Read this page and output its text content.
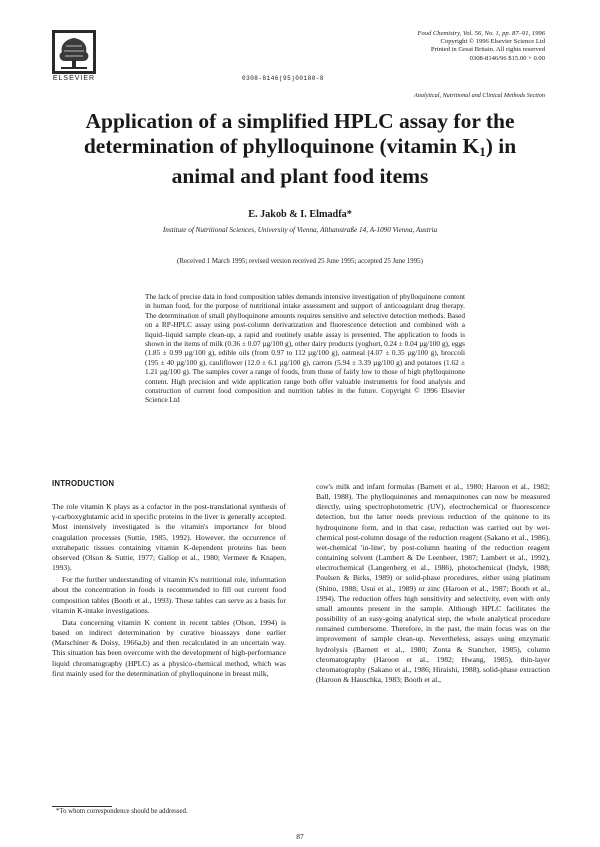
ELSEVIER	0308-8146(95)00180-8
Food Chemistry, Vol. 56, No. 1, pp. 87–91, 1996
Copyright © 1996 Elsevier Science Ltd
Printed in Great Britain. All rights reserved
0308-8146/96 $15.00 + 0.00
Analytical, Nutritional and Clinical Methods Section
Application of a simplified HPLC assay for the
determination of phylloquinone (vitamin $K_1$) in
animal and plant food items
E. Jakob & I. Elmadfa*
Institute of Nutritional Sciences, University of Vienna, Althanstraße 14, A-1090 Vienna, Austria
(Received 1 March 1995; revised version received 25 June 1995; accepted 25 June 1995)

The lack of precise data in food composition tables demands intensive investigation of phylloquinone content in human food, for the purpose of nutritional intake assessment and support of anticoagulant drug therapy. The determination of small phylloquinone amounts requires sensitive and selective detection methods. Based on a RP-HPLC assay using post-column derivatization and fluorescence detection and combined with a liquid–liquid sample clean-up, a rapid and routinely usable assay is presented. The application to foods is shown in the items of milk (0.36 ± 0.07 µg/100 g), other dairy products (yoghurt, 0.24 ± 0.04 µg/100 g), eggs (1.85 ± 0.99 µg/100 g), edible oils (from 0.97 to 112 µg/100 g), oatmeal (4.07 ± 0.35 µg/100 g), broccoli (195 ± 40 µg/100 g), cauliflower (12.0 ± 6.1 µg/100 g), carrots (5.94 ± 3.39 µg/100 g) and potatoes (1.62 ± 1.21 µg/100 g). The samples cover a range of foods, from those of fairly low to those of high phylloquinone content. High precision and wide application range both offer valuable instruments for food analysis and construction of current food composition and nutrition tables in the future. Copyright © 1996 Elsevier Science Ltd

INTRODUCTION

The role vitamin K plays as a cofactor in the post-translational synthesis of γ-carboxyglutamic acid in specific proteins in the liver is generally accepted. Most intensively investigated is the vitamin's importance for blood coagulation processes (Suttie, 1985, 1992). However, the occurrence of extrahepatic tissues containing vitamin K-dependent proteins has been observed (Olson & Suttie, 1977; Gallop et al., 1980; Vermeer & Knapen, 1993).

For the further understanding of vitamin K's nutritional role, information about the concentration in foods is recommended to fill out current food composition tables (Booth et al., 1993). These tables can serve as a basis for vitamin K-intake investigations.

Data concerning vitamin K content in recent tables (Olson, 1994) is based on indirect determination by curative bioassays done earlier (Matschiner & Doisy, 1966a,b) and then recalculated in an uncertain way. This situation has been overcome with the development of high-performance liquid chromatography (HPLC) as a physico-chemical method, which was first mainly used for the determination of phylloquinone in breast milk,

cow's milk and infant formulas (Barnett et al., 1980; Haroon et al., 1982; Ball, 1988). The phylloquinones and menaquinones can now be measured directly, using spectrophotometric (UV), electrochemical or fluorescence detection, but the latter needs previous reduction of the quinone to its hydroquinone form, and in that case, reduction was carried out by wet-chemical post-column dosage of the reduction reagent (Sakano et al., 1986), wet-chemical 'in-line', by post-column heating of the reduction reagent containing solvent (Lambert & De Leenheer, 1987; Lambert et al., 1992), electrochemical (Langenberg et al., 1986), photochemical (Indyk, 1988; Poulsen & Birks, 1989) or solid-phase procedures, either using platinum (Shino, 1988; Usui et al., 1989) or zinc (Haroon et al., 1987; Booth et al., 1994). The reduction offers high sensitivity and selectivity, even with only small amounts present in the sample. Although HPLC facilitates the possibility of an easy-going analytical step, the whole analytical procedure remained cumbersome. Therefore, in the past, the main focus was on the improvement of sample clean-up. Nevertheless, assays using enzymatic hydrolysis (Barnett et al., 1980; Zonta & Stancher, 1985), column chromatography (Haroon et al., 1982; Hwang, 1985), thin-layer chromatography (Sakano et al., 1986; Hiraishi, 1988), solid-phase extraction (Haroon & Hauschka, 1983; Booth et al.,

*To whom correspondence should be addressed.
87
